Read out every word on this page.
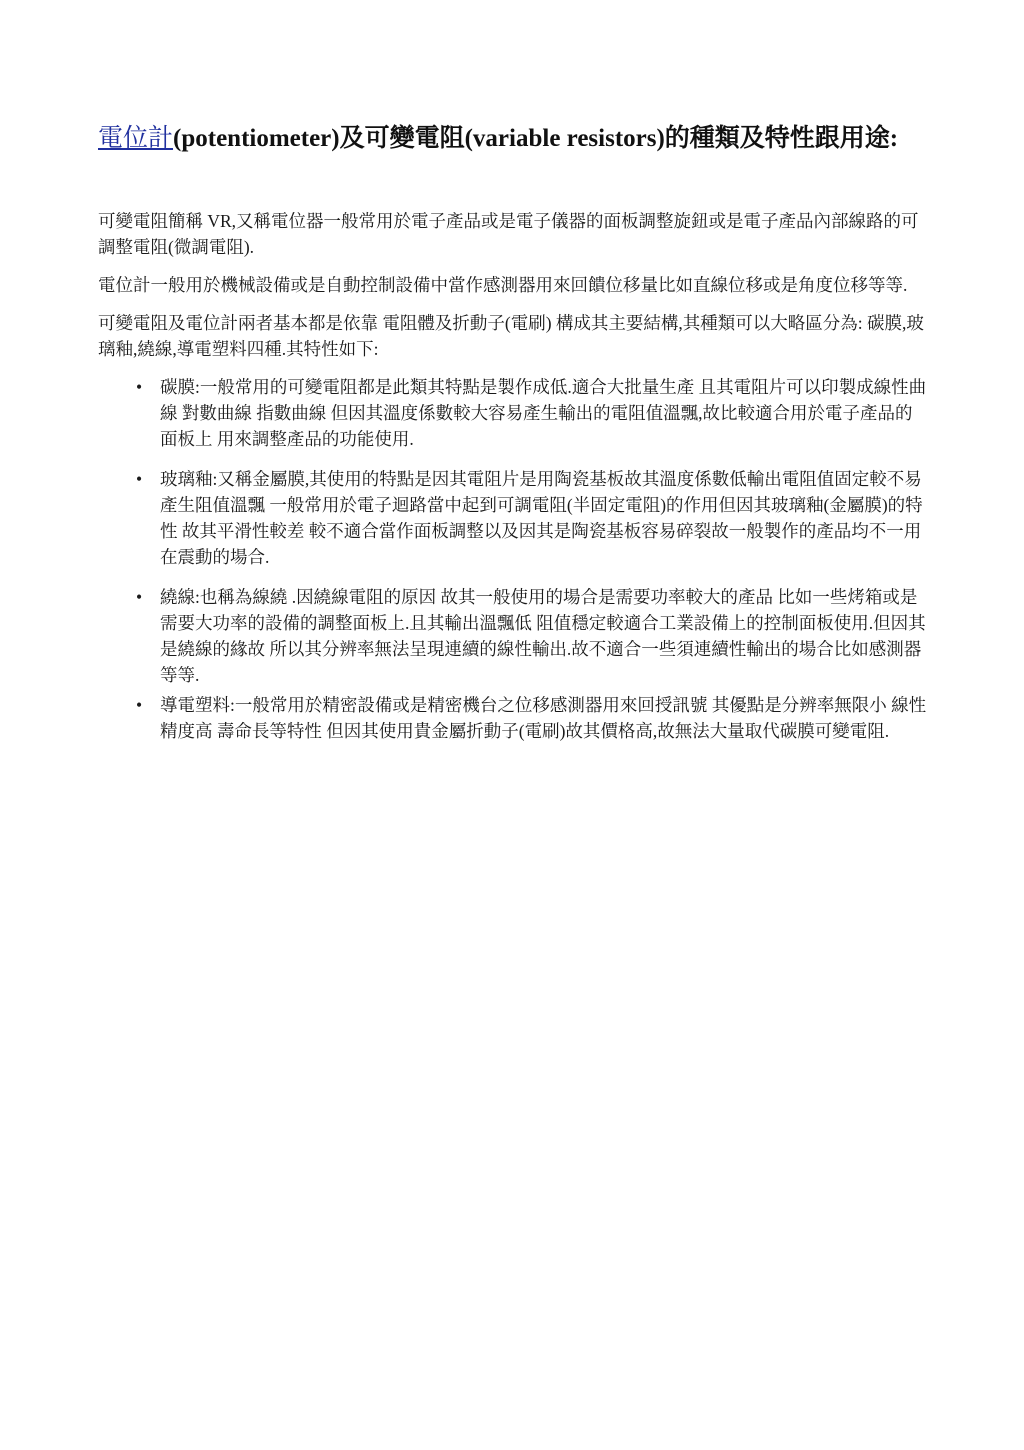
電位計(potentiometer)及可變電阻(variable resistors)的種類及特性跟用途:

可變電阻簡稱 VR,又稱電位器一般常用於電子產品或是電子儀器的面板調整旋鈕或是電子產品內部線路的可調整電阻(微調電阻).

電位計一般用於機械設備或是自動控制設備中當作感測器用來回饋位移量比如直線位移或是角度位移等等.

可變電阻及電位計兩者基本都是依靠 電阻體及折動子(電刷) 構成其主要結構,其種類可以大略區分為: 碳膜,玻璃釉,繞線,導電塑料四種.其特性如下:

• 碳膜:一般常用的可變電阻都是此類其特點是製作成低.適合大批量生產 且其電阻片可以印製成線性曲線 對數曲線 指數曲線 但因其溫度係數較大容易產生輸出的電阻值溫飄,故比較適合用於電子產品的面板上 用來調整產品的功能使用.
• 玻璃釉:又稱金屬膜,其使用的特點是因其電阻片是用陶瓷基板故其溫度係數低輸出電阻值固定較不易產生阻值溫飄 一般常用於電子迴路當中起到可調電阻(半固定電阻)的作用但因其玻璃釉(金屬膜)的特性 故其平滑性較差 較不適合當作面板調整以及因其是陶瓷基板容易碎裂故一般製作的產品均不一用在震動的場合.
• 繞線:也稱為線繞 .因繞線電阻的原因 故其一般使用的場合是需要功率較大的產品 比如一些烤箱或是需要大功率的設備的調整面板上.且其輸出溫飄低 阻值穩定較適合工業設備上的控制面板使用.但因其是繞線的緣故 所以其分辨率無法呈現連續的線性輸出.故不適合一些須連續性輸出的場合比如感測器等等.
• 導電塑料:一般常用於精密設備或是精密機台之位移感測器用來回授訊號 其優點是分辨率無限小 線性精度高 壽命長等特性 但因其使用貴金屬折動子(電刷)故其價格高,故無法大量取代碳膜可變電阻.
